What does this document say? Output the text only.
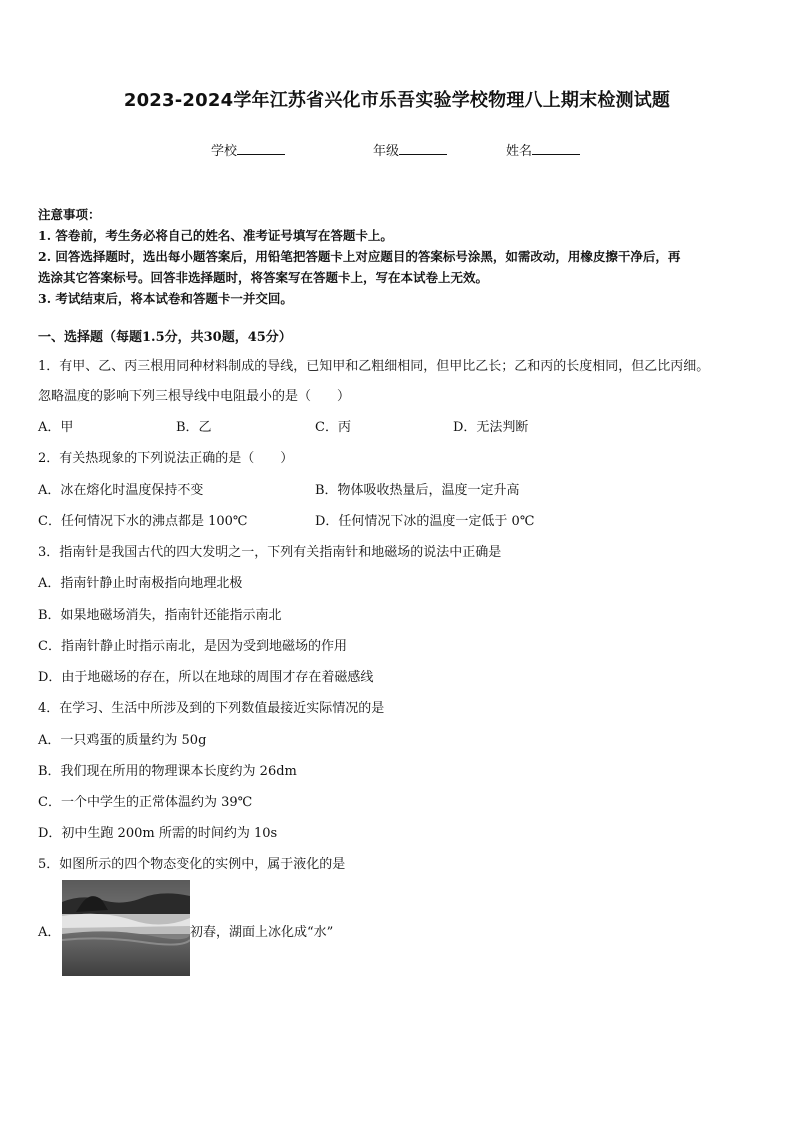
2023-2024学年江苏省兴化市乐吾实验学校物理八上期末检测试题
学校	年级	姓名
注意事项：
1. 答卷前，考生务必将自己的姓名、准考证号填写在答题卡上。
2. 回答选择题时，选出每小题答案后，用铅笔把答题卡上对应题目的答案标号涂黑，如需改动，用橡皮擦干净后，再
选涂其它答案标号。回答非选择题时，将答案写在答题卡上，写在本试卷上无效。
3. 考试结束后，将本试卷和答题卡一并交回。
一、选择题（每题1.5分，共30题，45分）
1．有甲、乙、丙三根用同种材料制成的导线，已知甲和乙粗细相同，但甲比乙长；乙和丙的长度相同，但乙比丙细。
忽略温度的影响下列三根导线中电阻最小的是（　　）
A．甲	B．乙	C．丙	D．无法判断
2．有关热现象的下列说法正确的是（　　）
A．冰在熔化时温度保持不变	B．物体吸收热量后，温度一定升高
C．任何情况下水的沸点都是 100℃	D．任何情况下冰的温度一定低于 0℃
3．指南针是我国古代的四大发明之一，下列有关指南针和地磁场的说法中正确是
A．指南针静止时南极指向地理北极
B．如果地磁场消失，指南针还能指示南北
C．指南针静止时指示南北，是因为受到地磁场的作用
D．由于地磁场的存在，所以在地球的周围才存在着磁感线
4．在学习、生活中所涉及到的下列数值最接近实际情况的是
A．一只鸡蛋的质量约为 50g
B．我们现在所用的物理课本长度约为 26dm
C．一个中学生的正常体温约为 39℃
D．初中生跑 200m 所需的时间约为 10s
5．如图所示的四个物态变化的实例中，属于液化的是
A．	初春，湖面上冰化成“水”
